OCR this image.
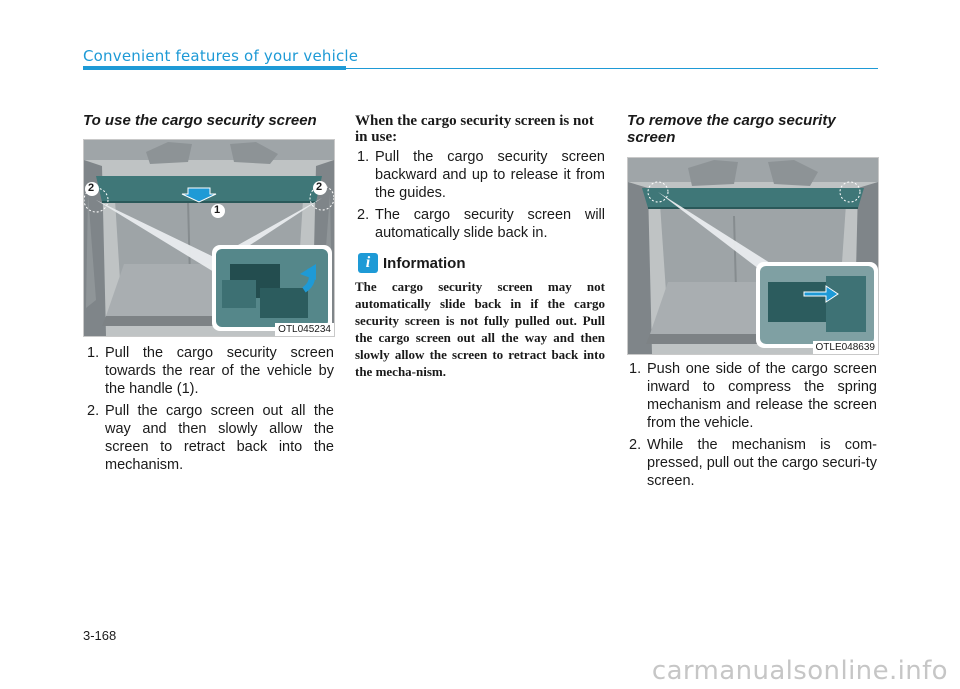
Convenient features of your vehicle
To use the cargo security screen
2	2
1
OTL045234
1. Pull the cargo security screen towards the rear of the vehicle by the handle (1).
2. Pull the cargo screen out all the way and then slowly allow the screen to retract back into the mechanism.
When the cargo security screen is not in use:
1. Pull the cargo security screen backward and up to release it from the guides.
2. The cargo security screen will automatically slide back in.
i Information
The cargo security screen may not automatically slide back in if the cargo security screen is not fully pulled out. Pull the cargo screen out all the way and then slowly allow the screen to retract back into the mecha-nism.
To remove the cargo security screen
OTLE048639
1. Push one side of the cargo screen inward to compress the spring mechanism and release the screen from the vehicle.
2. While the mechanism is com-pressed, pull out the cargo securi-ty screen.
3-168
carmanualsonline.info
